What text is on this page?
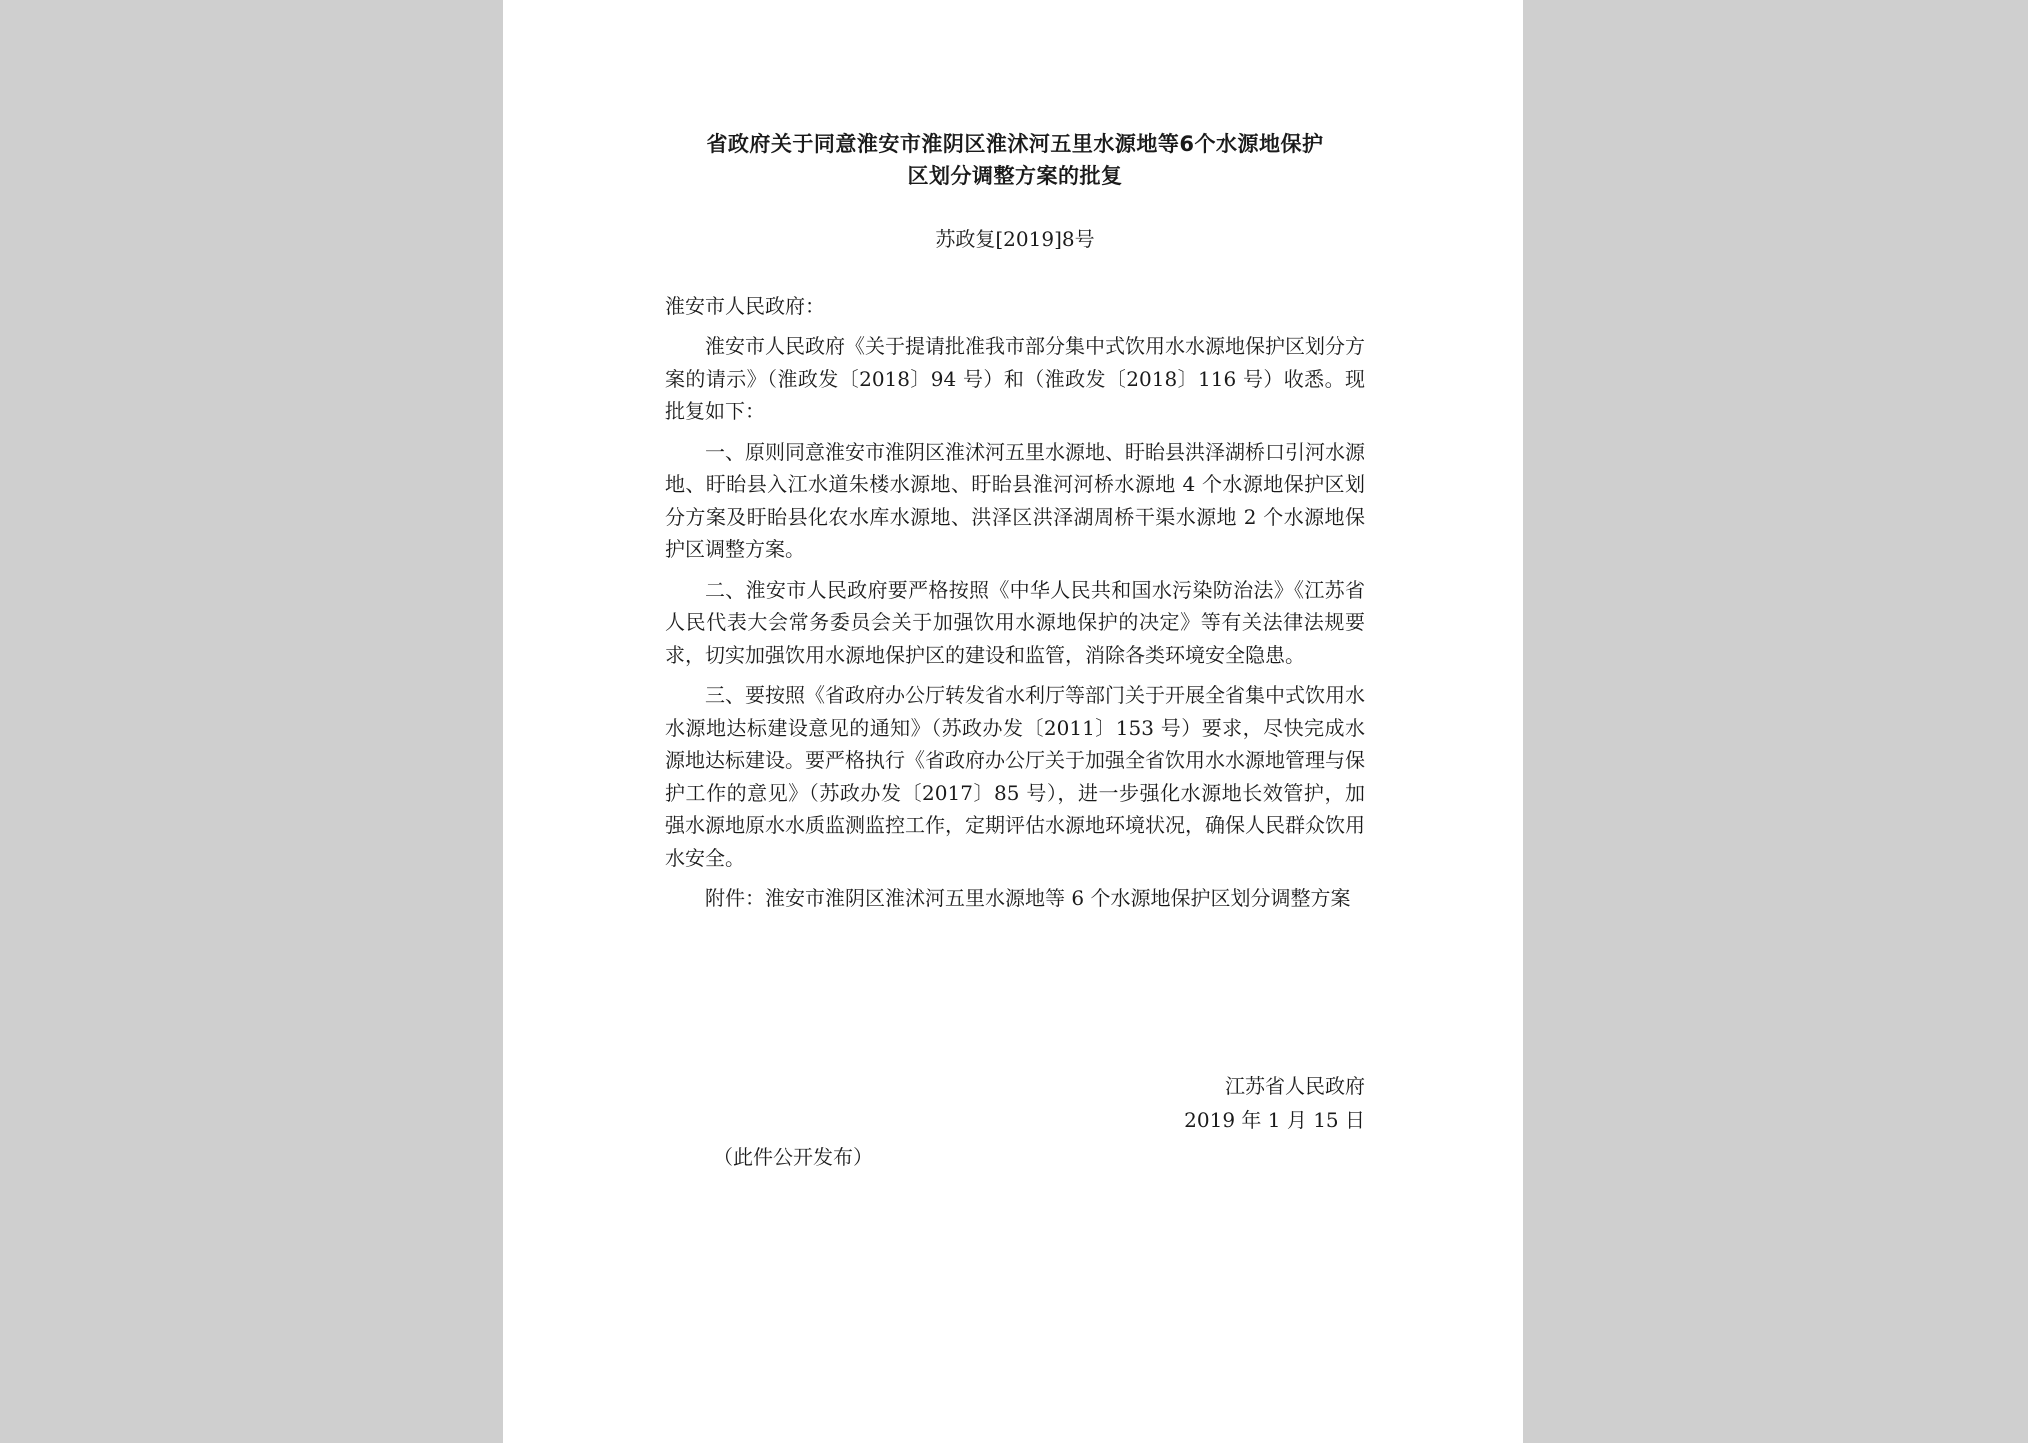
省政府关于同意淮安市淮阴区淮沭河五里水源地等6个水源地保护
区划分调整方案的批复
苏政复[2019]8号
淮安市人民政府：

淮安市人民政府《关于提请批准我市部分集中式饮用水水源地保护区划分方案的请示》（淮政发〔2018〕94 号）和（淮政发〔2018〕116 号）收悉。现批复如下：

一、原则同意淮安市淮阴区淮沭河五里水源地、盱眙县洪泽湖桥口引河水源地、盱眙县入江水道朱楼水源地、盱眙县淮河河桥水源地 4 个水源地保护区划分方案及盱眙县化农水库水源地、洪泽区洪泽湖周桥干渠水源地 2 个水源地保护区调整方案。

二、淮安市人民政府要严格按照《中华人民共和国水污染防治法》《江苏省人民代表大会常务委员会关于加强饮用水源地保护的决定》等有关法律法规要求，切实加强饮用水源地保护区的建设和监管，消除各类环境安全隐患。

三、要按照《省政府办公厅转发省水利厅等部门关于开展全省集中式饮用水水源地达标建设意见的通知》（苏政办发〔2011〕153 号）要求，尽快完成水源地达标建设。要严格执行《省政府办公厅关于加强全省饮用水水源地管理与保护工作的意见》（苏政办发〔2017〕85 号），进一步强化水源地长效管护，加强水源地原水水质监测监控工作，定期评估水源地环境状况，确保人民群众饮用水安全。

附件：淮安市淮阴区淮沭河五里水源地等 6 个水源地保护区划分调整方案

江苏省人民政府
2019 年 1 月 15 日
（此件公开发布）
